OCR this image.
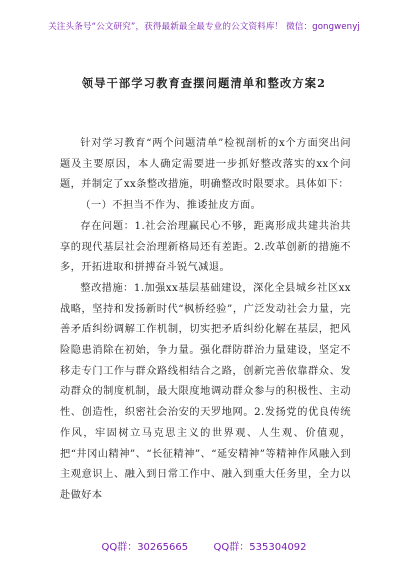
关注头条号“公文研究”，获得最新最全最专业的公文资料库！ 微信：gongwenyj
领导干部学习教育查摆问题清单和整改方案2

针对学习教育“两个问题清单”检视剖析的x个方面突出问题及主要原因，本人确定需要进一步抓好整改落实的xx个问题，并制定了xx条整改措施，明确整改时限要求。具体如下：

（一）不担当不作为、推诿扯皮方面。

存在问题：1.社会治理赢民心不够，距离形成共建共治共享的现代基层社会治理新格局还有差距。2.改革创新的措施不多，开拓进取和拼搏奋斗锐气减退。

整改措施：1.加强xx基层基础建设，深化全县城乡社区xx战略，坚持和发扬新时代“枫桥经验”，广泛发动社会力量，完善矛盾纠纷调解工作机制，切实把矛盾纠纷化解在基层，把风险隐患消除在初始，争力量。强化群防群治力量建设，坚定不移走专门工作与群众路线相结合之路，创新完善依靠群众、发动群众的制度机制，最大限度地调动群众参与的积极性、主动性、创造性，织密社会治安的天罗地网。2.发扬党的优良传统作风，牢固树立马克思主义的世界观、人生观、价值观，把“井冈山精神”、“长征精神”、“延安精神”等精神作风融入到主观意识上、融入到日常工作中、融入到重大任务里，全力以赴做好本

QQ群：30265665        QQ群：535304092
